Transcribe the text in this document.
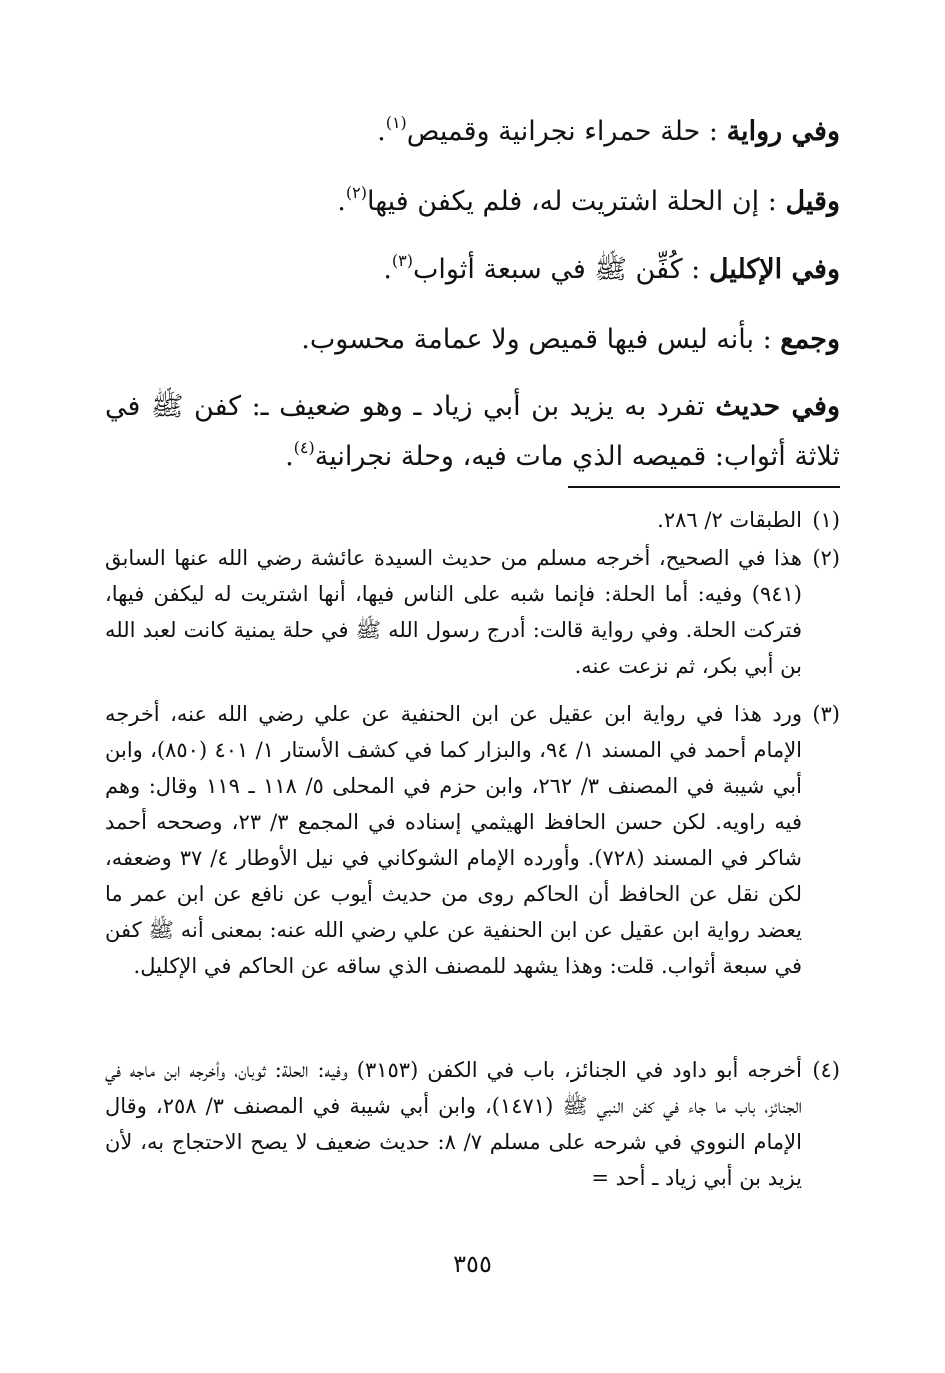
وفي رواية : حلة حمراء نجرانية وقميص$^{(١)}$.
وقيل : إن الحلة اشتريت له، فلم يكفن فيها$^{(٢)}$.
وفي الإكليل : كُفِّن ﷺ في سبعة أثواب$^{(٣)}$.
وجمع : بأنه ليس فيها قميص ولا عمامة محسوب.
وفي حديث تفرد به يزيد بن أبي زياد ـ وهو ضعيف ـ: كفن ﷺ في ثلاثة أثواب: قميصه الذي مات فيه، وحلة نجرانية$^{(٤)}$.
(١)
الطبقات ٢/ ٢٨٦.
(٢)
هذا في الصحيح، أخرجه مسلم من حديث السيدة عائشة رضي الله عنها السابق (٩٤١) وفيه: أما الحلة: فإنما شبه على الناس فيها، أنها اشتريت له ليكفن فيها، فتركت الحلة. وفي رواية قالت: أدرج رسول الله ﷺ في حلة يمنية كانت لعبد الله بن أبي بكر، ثم نزعت عنه.
(٣)
ورد هذا في رواية ابن عقيل عن ابن الحنفية عن علي رضي الله عنه، أخرجه الإمام أحمد في المسند ١/ ٩٤، والبزار كما في كشف الأستار ١/ ٤٠١ (٨٥٠)، وابن أبي شيبة في المصنف ٣/ ٢٦٢، وابن حزم في المحلى ٥/ ١١٨ ـ ١١٩ وقال: وهم فيه راويه. لكن حسن الحافظ الهيثمي إسناده في المجمع ٣/ ٢٣، وصححه أحمد شاكر في المسند (٧٢٨). وأورده الإمام الشوكاني في نيل الأوطار ٤/ ٣٧ وضعفه، لكن نقل عن الحافظ أن الحاكم روى من حديث أيوب عن نافع عن ابن عمر ما يعضد رواية ابن عقيل عن ابن الحنفية عن علي رضي الله عنه: بمعنى أنه ﷺ كفن في سبعة أثواب. قلت: وهذا يشهد للمصنف الذي ساقه عن الحاكم في الإكليل.
(٤)
أخرجه أبو داود في الجنائز، باب في الكفن (٣١٥٣) وفيه: الحلة: ثوبان، وأخرجه ابن ماجه في الجنائز، باب ما جاء في كفن النبي ﷺ (١٤٧١)، وابن أبي شيبة في المصنف ٣/ ٢٥٨، وقال الإمام النووي في شرحه على مسلم ٧/ ٨: حديث ضعيف لا يصح الاحتجاج به، لأن يزيد بن أبي زياد ـ أحد =
٣٥٥
